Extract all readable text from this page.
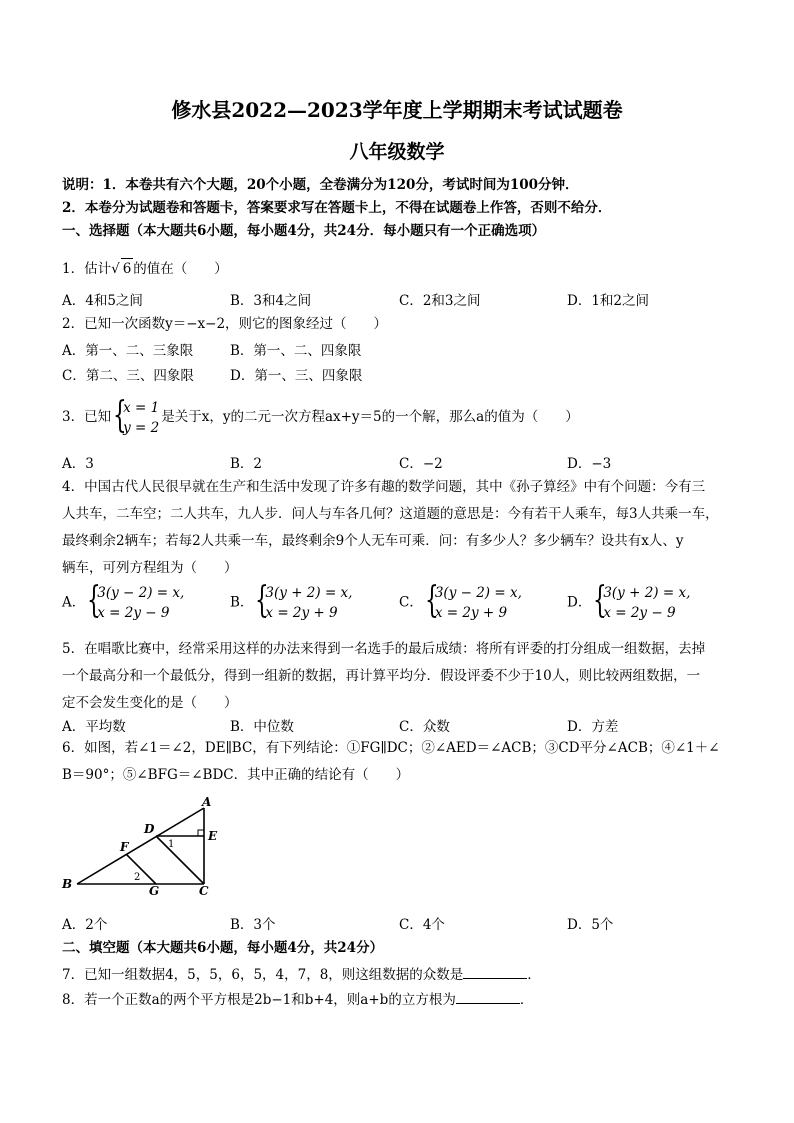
修水县2022—2023学年度上学期期末考试试题卷
八年级数学
说明：1．本卷共有六个大题，20个小题，全卷满分为120分，考试时间为100分钟．
2．本卷分为试题卷和答题卡，答案要求写在答题卡上，不得在试题卷上作答，否则不给分．
一、选择题（本大题共6小题，每小题4分，共24分．每小题只有一个正确选项）
1．估计√ 6 的值在（　　）
A．4和5之间	B．3和4之间	C．2和3之间	D．1和2之间
2．已知一次函数y＝−x−2，则它的图象经过（　　）
A．第一、二、三象限	B．第一、二、四象限
C．第二、三、四象限	D．第一、三、四象限
3．已知 {
x = 1
y = 2
是关于x，y的二元一次方程ax+y＝5的一个解，那么a的值为（　　）
A．3	B．2	C．−2	D．−3
4．中国古代人民很早就在生产和生活中发现了许多有趣的数学问题，其中《孙子算经》中有个问题：今有三
人共车，二车空；二人共车，九人步．问人与车各几何？这道题的意思是：今有若干人乘车，每3人共乘一车，
最终剩余2辆车；若每2人共乘一车，最终剩余9个人无车可乘．问：有多少人？多少辆车？设共有x人、y
辆车，可列方程组为（　　）
A． {
3(y − 2) = x,
x = 2y − 9
B． {
3(y + 2) = x,
x = 2y + 9
C． {
3(y − 2) = x,
x = 2y + 9
D． {
3(y + 2) = x,
x = 2y − 9
5．在唱歌比赛中，经常采用这样的办法来得到一名选手的最后成绩：将所有评委的打分组成一组数据，去掉
一个最高分和一个最低分，得到一组新的数据，再计算平均分．假设评委不少于10人，则比较两组数据，一
定不会发生变化的是（　　）
A．平均数	B．中位数	C．众数	D．方差
6．如图，若∠1＝∠2，DE∥BC，有下列结论：①FG∥DC；②∠AED＝∠ACB；③CD平分∠ACB；④∠1＋∠
B＝90°；⑤∠BFG＝∠BDC．其中正确的结论有（　　）
A
B	C
D	E
F
G
1
2
A．2个	B．3个	C．4个	D．5个
二、填空题（本大题共6小题，每小题4分，共24分）
7．已知一组数据4，5，5，6，5，4，7，8，则这组数据的众数是	．
8．若一个正数a的两个平方根是2b−1和b+4，则a+b的立方根为	．
